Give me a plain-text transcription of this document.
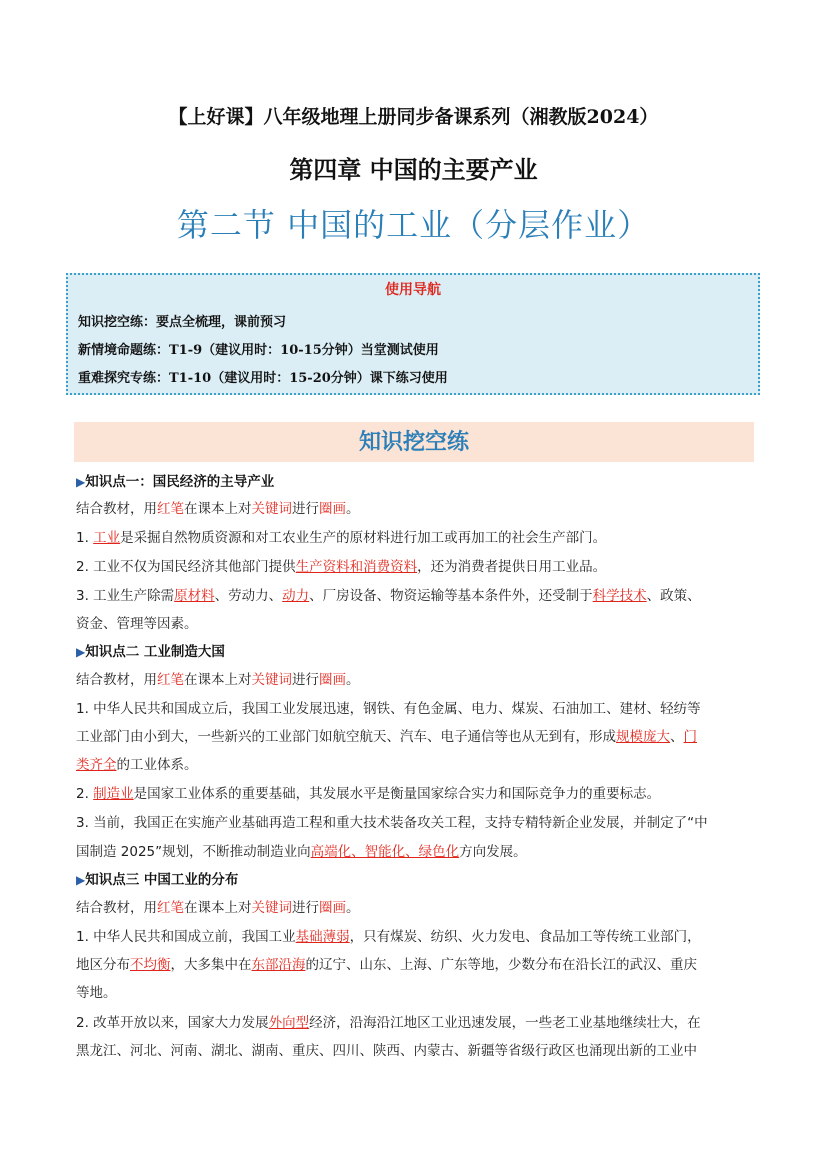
【上好课】八年级地理上册同步备课系列（湘教版2024）
第四章 中国的主要产业
第二节 中国的工业（分层作业）
使用导航
知识挖空练：要点全梳理，课前预习
新情境命题练：T1-9（建议用时：10-15分钟）当堂测试使用
重难探究专练：T1-10（建议用时：15-20分钟）课下练习使用
知识挖空练
▶知识点一：国民经济的主导产业
结合教材，用红笔在课本上对关键词进行圈画。
1. 工业是采掘自然物质资源和对工农业生产的原材料进行加工或再加工的社会生产部门。
2. 工业不仅为国民经济其他部门提供生产资料和消费资料，还为消费者提供日用工业品。
3. 工业生产除需原材料、劳动力、动力、厂房设备、物资运输等基本条件外，还受制于科学技术、政策、
资金、管理等因素。
▶知识点二 工业制造大国
结合教材，用红笔在课本上对关键词进行圈画。
1. 中华人民共和国成立后，我国工业发展迅速，钢铁、有色金属、电力、煤炭、石油加工、建材、轻纺等
工业部门由小到大，一些新兴的工业部门如航空航天、汽车、电子通信等也从无到有，形成规模庞大、门
类齐全的工业体系。
2. 制造业是国家工业体系的重要基础，其发展水平是衡量国家综合实力和国际竞争力的重要标志。
3. 当前，我国正在实施产业基础再造工程和重大技术装备攻关工程，支持专精特新企业发展，并制定了“中
国制造 2025”规划，不断推动制造业向高端化、智能化、绿色化方向发展。
▶知识点三 中国工业的分布
结合教材，用红笔在课本上对关键词进行圈画。
1. 中华人民共和国成立前，我国工业基础薄弱，只有煤炭、纺织、火力发电、食品加工等传统工业部门，
地区分布不均衡，大多集中在东部沿海的辽宁、山东、上海、广东等地，少数分布在沿长江的武汉、重庆
等地。
2. 改革开放以来，国家大力发展外向型经济，沿海沿江地区工业迅速发展，一些老工业基地继续壮大，在
黑龙江、河北、河南、湖北、湖南、重庆、四川、陕西、内蒙古、新疆等省级行政区也涌现出新的工业中
